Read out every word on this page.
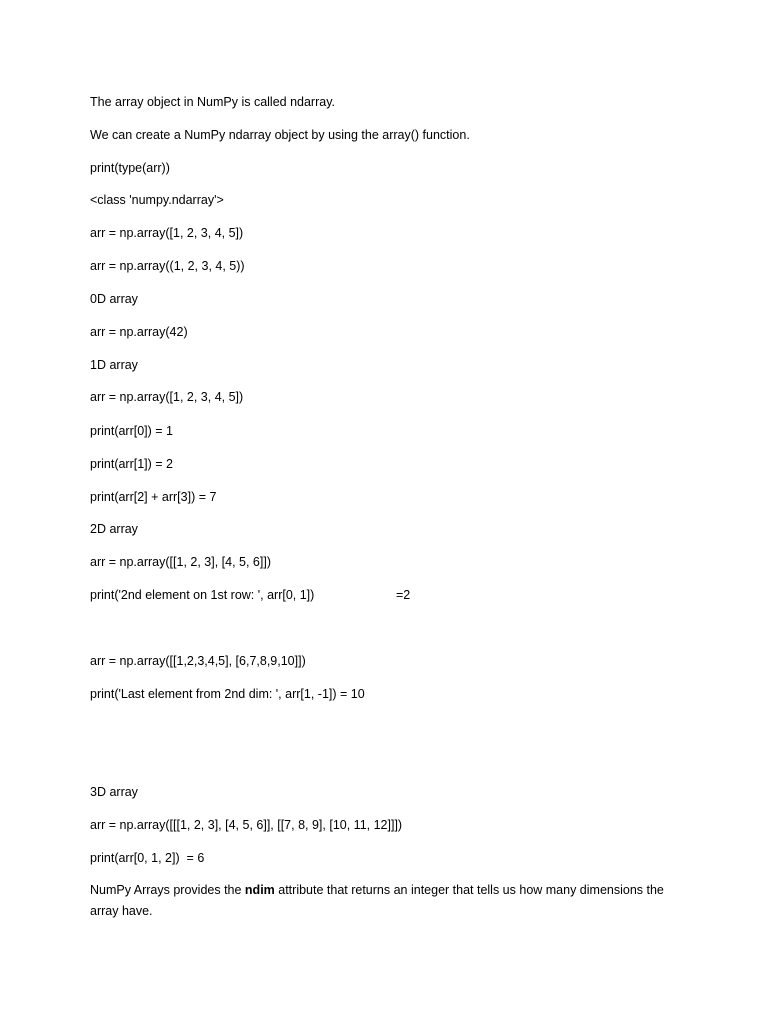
The array object in NumPy is called ndarray.
We can create a NumPy ndarray object by using the array() function.
print(type(arr))
<class 'numpy.ndarray'>
arr = np.array([1, 2, 3, 4, 5])
arr = np.array((1, 2, 3, 4, 5))
0D array
arr = np.array(42)
1D array
arr = np.array([1, 2, 3, 4, 5])
print(arr[0]) = 1
print(arr[1]) = 2
print(arr[2] + arr[3]) = 7
2D array
arr = np.array([[1, 2, 3], [4, 5, 6]])
print('2nd element on 1st row: ', arr[0, 1])	=2
arr = np.array([[1,2,3,4,5], [6,7,8,9,10]])
print('Last element from 2nd dim: ', arr[1, -1]) = 10
3D array
arr = np.array([[[1, 2, 3], [4, 5, 6]], [[7, 8, 9], [10, 11, 12]]])
print(arr[0, 1, 2])  = 6
NumPy Arrays provides the ndim attribute that returns an integer that tells us how many dimensions the array have.
